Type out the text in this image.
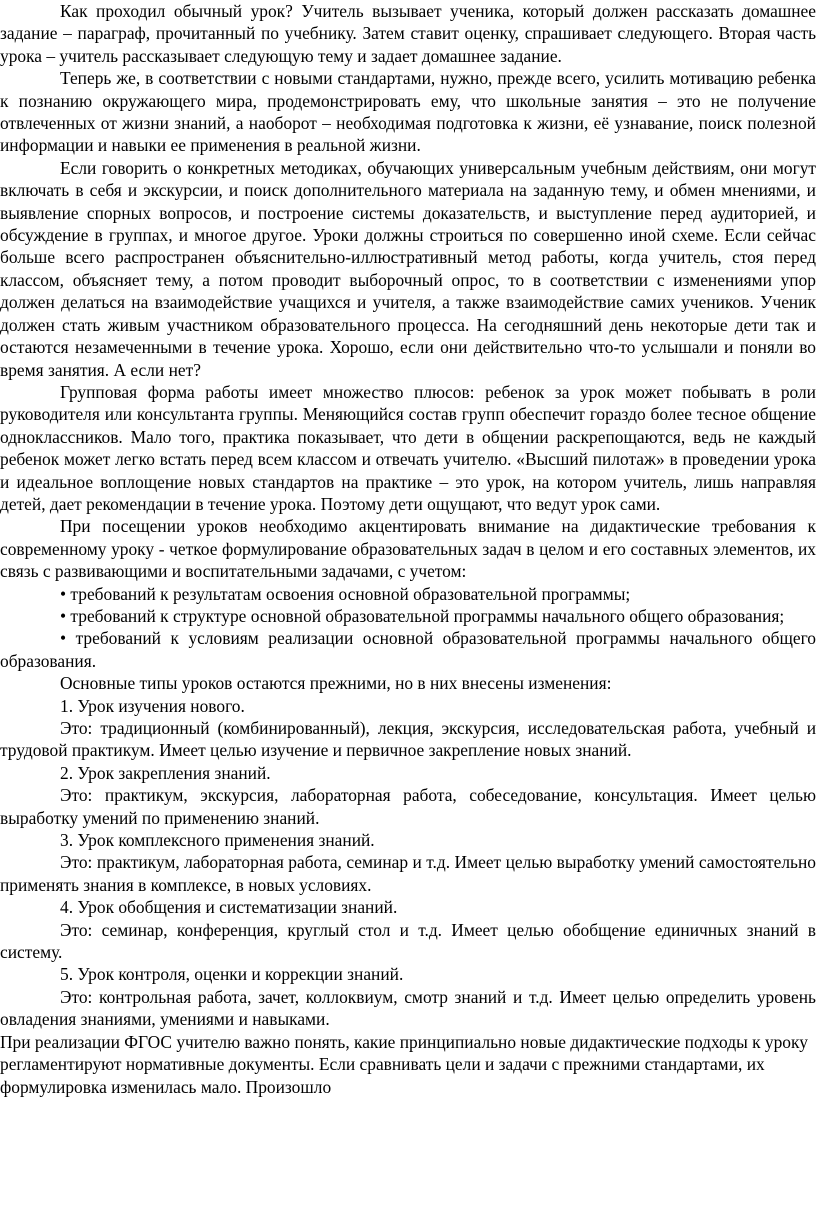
Как проходил обычный урок? Учитель вызывает ученика, который должен рассказать домашнее задание – параграф, прочитанный по учебнику. Затем ставит оценку, спрашивает следующего. Вторая часть урока – учитель рассказывает следующую тему и задает домашнее задание.

Теперь же, в соответствии с новыми стандартами, нужно, прежде всего, усилить мотивацию ребенка к познанию окружающего мира, продемонстрировать ему, что школьные занятия – это не получение отвлеченных от жизни знаний, а наоборот – необходимая подготовка к жизни, её узнавание, поиск полезной информации и навыки ее применения в реальной жизни.

Если говорить о конкретных методиках, обучающих универсальным учебным действиям, они могут включать в себя и экскурсии, и поиск дополнительного материала на заданную тему, и обмен мнениями, и выявление спорных вопросов, и построение системы доказательств, и выступление перед аудиторией, и обсуждение в группах, и многое другое. Уроки должны строиться по совершенно иной схеме. Если сейчас больше всего распространен объяснительно-иллюстративный метод работы, когда учитель, стоя перед классом, объясняет тему, а потом проводит выборочный опрос, то в соответствии с изменениями упор должен делаться на взаимодействие учащихся и учителя, а также взаимодействие самих учеников. Ученик должен стать живым участником образовательного процесса. На сегодняшний день некоторые дети так и остаются незамеченными в течение урока. Хорошо, если они действительно что-то услышали и поняли во время занятия. А если нет?

Групповая форма работы имеет множество плюсов: ребенок за урок может побывать в роли руководителя или консультанта группы. Меняющийся состав групп обеспечит гораздо более тесное общение одноклассников. Мало того, практика показывает, что дети в общении раскрепощаются, ведь не каждый ребенок может легко встать перед всем классом и отвечать учителю. «Высший пилотаж» в проведении урока и идеальное воплощение новых стандартов на практике – это урок, на котором учитель, лишь направляя детей, дает рекомендации в течение урока. Поэтому дети ощущают, что ведут урок сами.

При посещении уроков необходимо акцентировать внимание на дидактические требования к современному уроку - четкое формулирование образовательных задач в целом и его составных элементов, их связь с развивающими и воспитательными задачами, с учетом:

• требований к результатам освоения основной образовательной программы;

• требований к структуре основной образовательной программы начального общего образования;

• требований к условиям реализации основной образовательной программы начального общего образования.

Основные типы уроков остаются прежними, но в них внесены изменения:

1. Урок изучения нового.

Это: традиционный (комбинированный), лекция, экскурсия, исследовательская работа, учебный и трудовой практикум. Имеет целью изучение и первичное закрепление новых знаний.

2. Урок закрепления знаний.

Это: практикум, экскурсия, лабораторная работа, собеседование, консультация. Имеет целью выработку умений по применению знаний.

3. Урок комплексного применения знаний.

Это: практикум, лабораторная работа, семинар и т.д. Имеет целью выработку умений самостоятельно применять знания в комплексе, в новых условиях.

4. Урок обобщения и систематизации знаний.

Это: семинар, конференция, круглый стол и т.д. Имеет целью обобщение единичных знаний в систему.

5. Урок контроля, оценки и коррекции знаний.

Это: контрольная работа, зачет, коллоквиум, смотр знаний и т.д. Имеет целью определить уровень овладения знаниями, умениями и навыками.

При реализации ФГОС учителю важно понять, какие принципиально новые дидактические подходы к уроку регламентируют нормативные документы. Если сравнивать цели и задачи с прежними стандартами, их формулировка изменилась мало. Произошло
